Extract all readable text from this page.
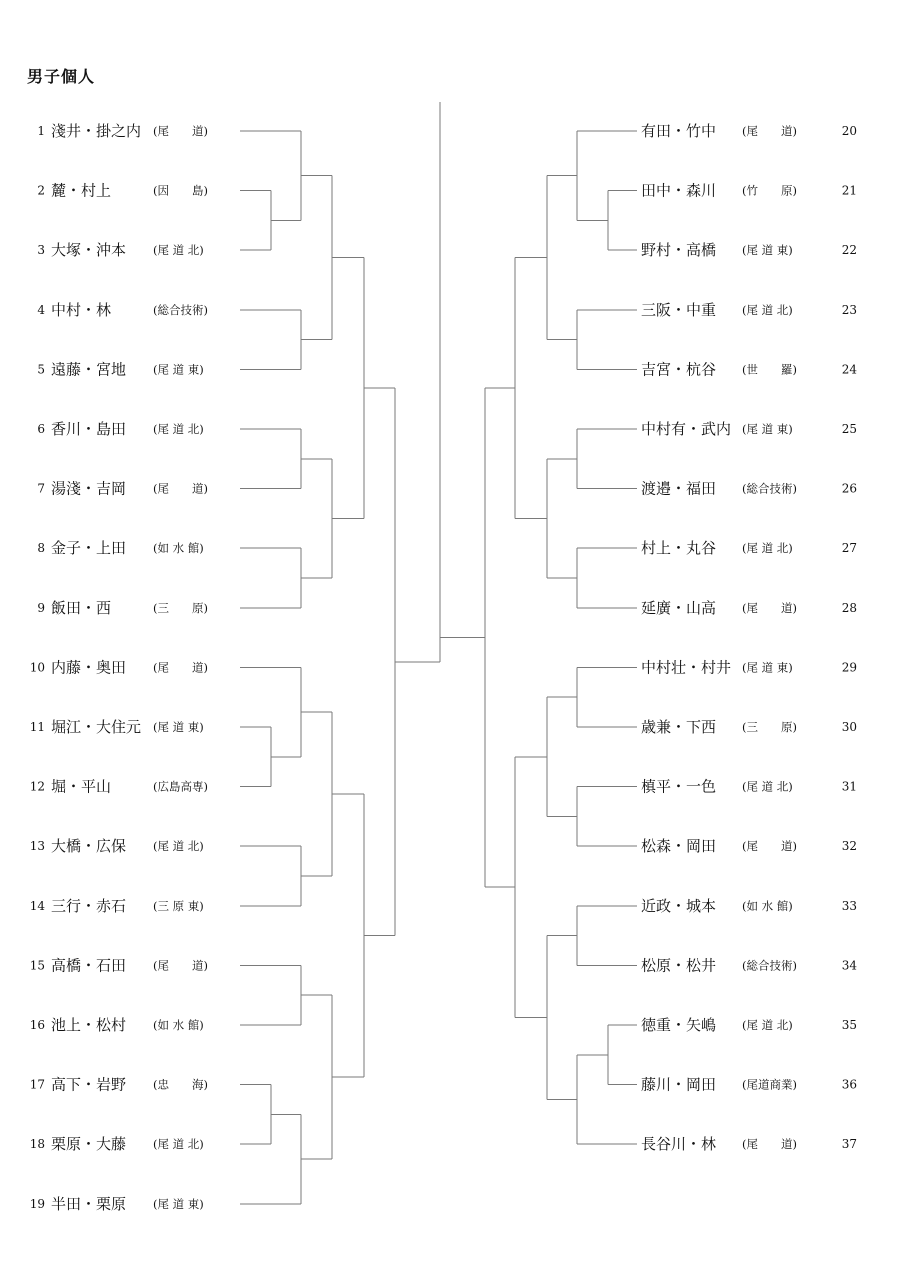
男子個人
1 淺井・掛之内 (尾　　道)
2 麓・村上	(因　　島)
3 大塚・沖本 (尾 道 北)
4 中村・林	(総合技術)
5 遠藤・宮地 (尾 道 東)
6 香川・島田 (尾 道 北)
7 湯淺・吉岡 (尾　　道)
8 金子・上田 (如 水 館)
9 飯田・西	(三　　原)
10 内藤・奥田 (尾　　道)
11 堀江・大住元 (尾 道 東)
12 堀・平山	(広島高専)
13 大橋・広保 (尾 道 北)
14 三行・赤石 (三 原 東)
15 高橋・石田 (尾　　道)
16 池上・松村 (如 水 館)
17 高下・岩野 (忠　　海)
18 栗原・大藤 (尾 道 北)
19 半田・栗原 (尾 道 東)
有田・竹中 (尾　　道)	20
田中・森川 (竹　　原)	21
野村・高橋 (尾 道 東)	22
三阪・中重 (尾 道 北)	23
吉宮・杭谷 (世　　羅)	24
中村有・武内 (尾 道 東)	25
渡邉・福田 (総合技術)	26
村上・丸谷 (尾 道 北)	27
延廣・山高 (尾　　道)	28
中村壮・村井 (尾 道 東)	29
歳兼・下西 (三　　原)	30
槙平・一色 (尾 道 北)	31
松森・岡田 (尾　　道)	32
近政・城本 (如 水 館)	33
松原・松井 (総合技術)	34
徳重・矢嶋 (尾 道 北)	35
藤川・岡田 (尾道商業)	36
長谷川・林 (尾　　道)	37
